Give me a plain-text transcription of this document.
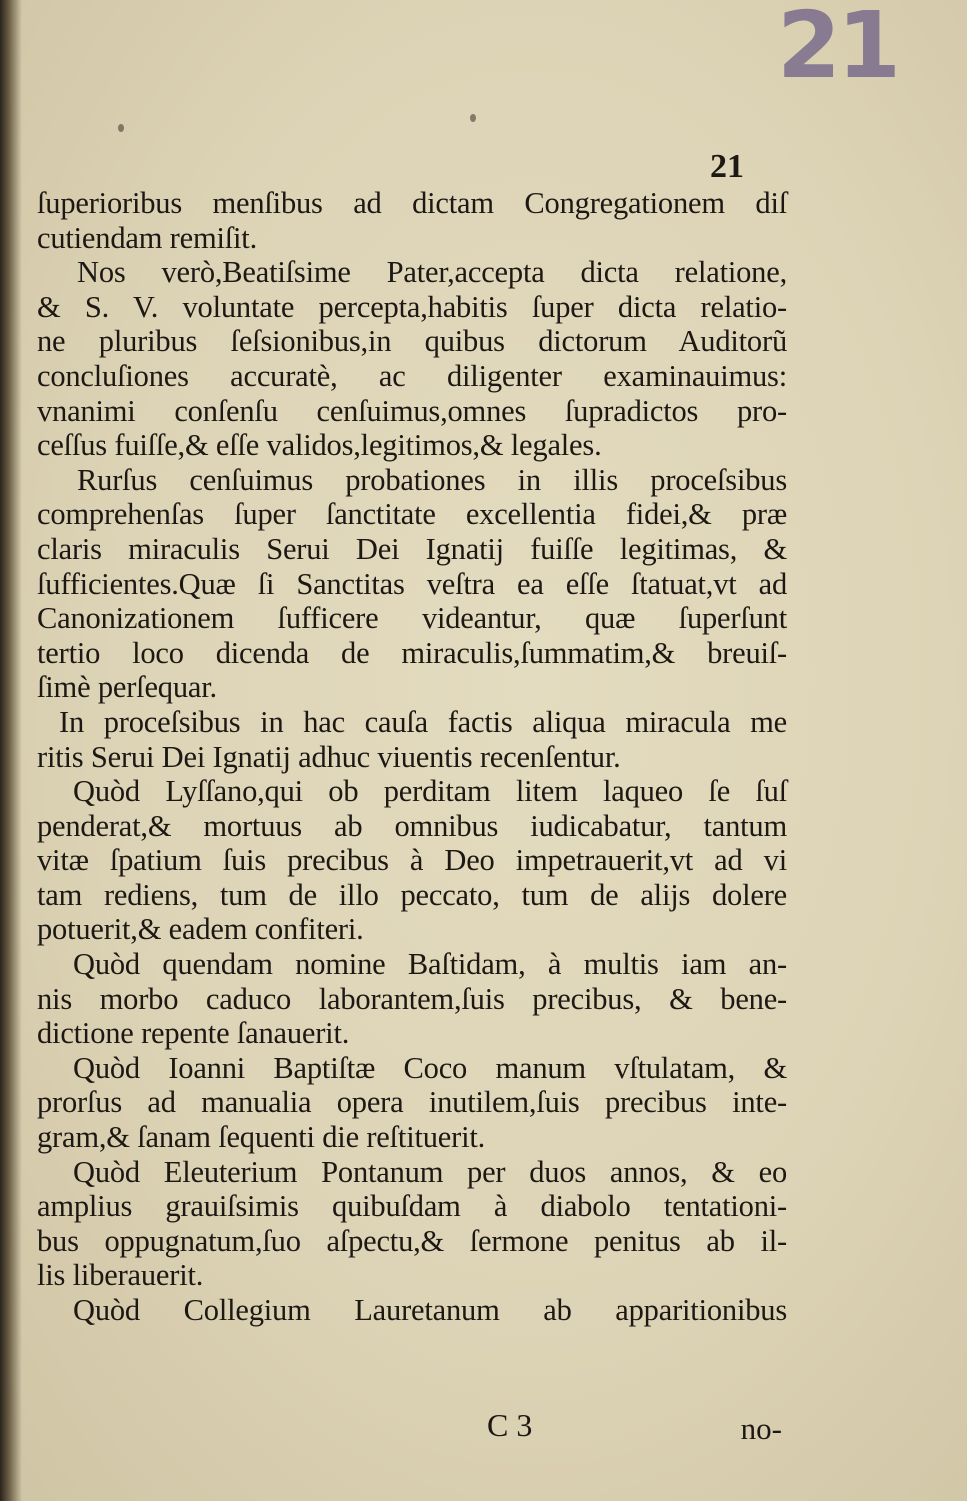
21
21
ſuperioribus menſibus ad dictam Congregationem diſ
cutiendam remiſit.
Nos verò,Beatiſsime Pater,accepta dicta relatione,
& S. V. voluntate percepta,habitis ſuper dicta relatio-
ne pluribus ſeſsionibus,in quibus dictorum Auditorũ
concluſiones accuratè, ac diligenter examinauimus:
vnanimi conſenſu cenſuimus,omnes ſupradictos pro-
ceſſus fuiſſe,& eſſe validos,legitimos,& legales.
Rurſus cenſuimus probationes in illis proceſsibus
comprehenſas ſuper ſanctitate excellentia fidei,& præ
claris miraculis Serui Dei Ignatij fuiſſe legitimas, &
ſufficientes.Quæ ſi Sanctitas veſtra ea eſſe ſtatuat,vt ad
Canonizationem ſufficere videantur, quæ ſuperſunt
tertio loco dicenda de miraculis,ſummatim,& breuiſ-
ſimè perſequar.
In proceſsibus in hac cauſa factis aliqua miracula me
ritis Serui Dei Ignatij adhuc viuentis recenſentur.
Quòd Lyſſano,qui ob perditam litem laqueo ſe ſuſ
penderat,& mortuus ab omnibus iudicabatur, tantum
vitæ ſpatium ſuis precibus à Deo impetrauerit,vt ad vi
tam rediens, tum de illo peccato, tum de alijs dolere
potuerit,& eadem confiteri.
Quòd quendam nomine Baſtidam, à multis iam an-
nis morbo caduco laborantem,ſuis precibus, & bene-
dictione repente ſanauerit.
Quòd Ioanni Baptiſtæ Coco manum vſtulatam, &
prorſus ad manualia opera inutilem,ſuis precibus inte-
gram,& ſanam ſequenti die reſtituerit.
Quòd Eleuterium Pontanum per duos annos, & eo
amplius grauiſsimis quibuſdam à diabolo tentationi-
bus oppugnatum,ſuo aſpectu,& ſermone penitus ab il-
lis liberauerit.
Quòd Collegium Lauretanum ab apparitionibus
C 3	no-
